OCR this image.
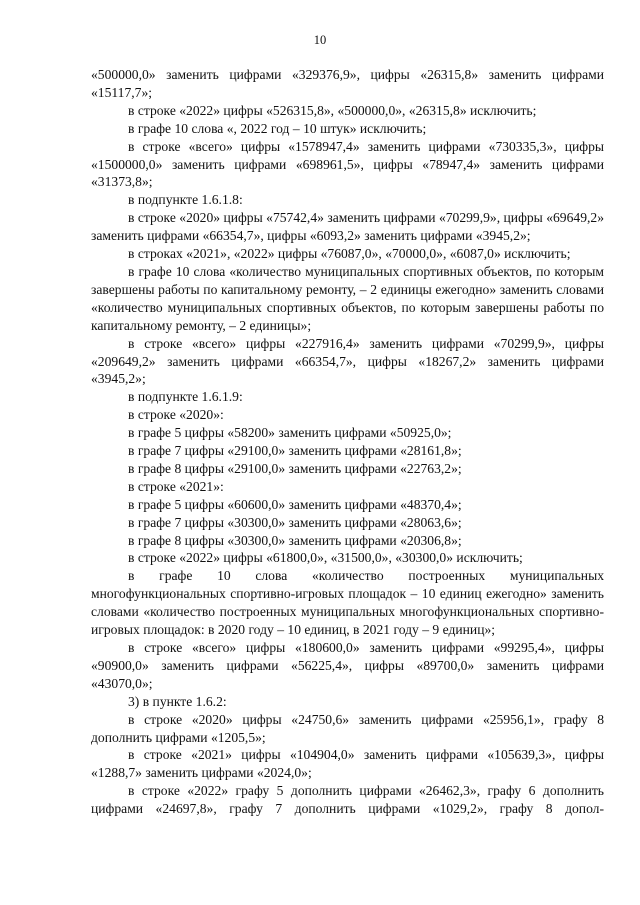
10

«500000,0» заменить цифрами «329376,9», цифры «26315,8» заменить цифрами «15117,7»;

в строке «2022» цифры «526315,8», «500000,0», «26315,8» исключить;

в графе 10 слова «, 2022 год – 10 штук» исключить;

в строке «всего» цифры «1578947,4» заменить цифрами «730335,3», цифры «1500000,0» заменить цифрами «698961,5», цифры «78947,4» заменить цифрами «31373,8»;

в подпункте 1.6.1.8:

в строке «2020» цифры «75742,4» заменить цифрами «70299,9», цифры «69649,2» заменить цифрами «66354,7», цифры «6093,2» заменить цифрами «3945,2»;

в строках «2021», «2022» цифры «76087,0», «70000,0», «6087,0» исключить;

в графе 10 слова «количество муниципальных спортивных объектов, по которым завершены работы по капитальному ремонту, – 2 единицы ежегодно» заменить словами «количество муниципальных спортивных объектов, по которым завершены работы по капитальному ремонту, – 2 единицы»;

в строке «всего» цифры «227916,4» заменить цифрами «70299,9», цифры «209649,2» заменить цифрами «66354,7», цифры «18267,2» заменить цифрами «3945,2»;

в подпункте 1.6.1.9:

в строке «2020»:

в графе 5 цифры «58200» заменить цифрами «50925,0»;

в графе 7 цифры «29100,0» заменить цифрами «28161,8»;

в графе 8 цифры «29100,0» заменить цифрами «22763,2»;

в строке «2021»:

в графе 5 цифры «60600,0» заменить цифрами «48370,4»;

в графе 7 цифры «30300,0» заменить цифрами «28063,6»;

в графе 8 цифры «30300,0» заменить цифрами «20306,8»;

в строке «2022» цифры «61800,0», «31500,0», «30300,0» исключить;

в графе 10 слова «количество построенных муниципальных многофункциональных спортивно-игровых площадок – 10 единиц ежегодно» заменить словами «количество построенных муниципальных многофункциональных спортивно-игровых площадок: в 2020 году – 10 единиц, в 2021 году – 9 единиц»;

в строке «всего» цифры «180600,0» заменить цифрами «99295,4», цифры «90900,0» заменить цифрами «56225,4», цифры «89700,0» заменить цифрами «43070,0»;

3) в пункте 1.6.2:

в строке «2020» цифры «24750,6» заменить цифрами «25956,1», графу 8 дополнить цифрами «1205,5»;

в строке «2021» цифры «104904,0» заменить цифрами «105639,3», цифры «1288,7» заменить цифрами «2024,0»;

в строке «2022» графу 5 дополнить цифрами «26462,3», графу 6 дополнить цифрами «24697,8», графу 7 дополнить цифрами «1029,2», графу 8 допол-
